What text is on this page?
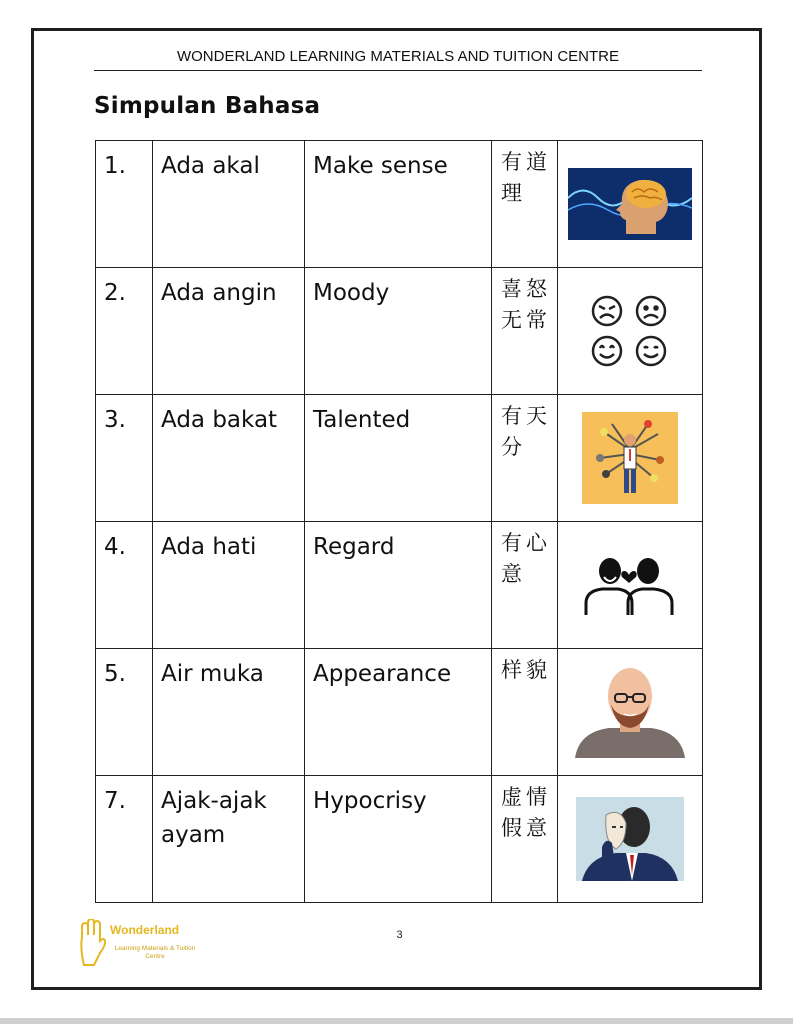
WONDERLAND LEARNING MATERIALS AND TUITION CENTRE
Simpulan Bahasa
1.	Ada akal	Make sense	有道理	

2.	Ada angin	Moody	喜怒无常	

3.	Ada bakat	Talented	有天分	

4.	Ada hati	Regard	有心意	

5.	Air muka	Appearance	样貌	

7.	Ajak-ajak ayam	Hypocrisy	虚情假意	
3
Wonderland
Learning Materials & Tuition Centre
